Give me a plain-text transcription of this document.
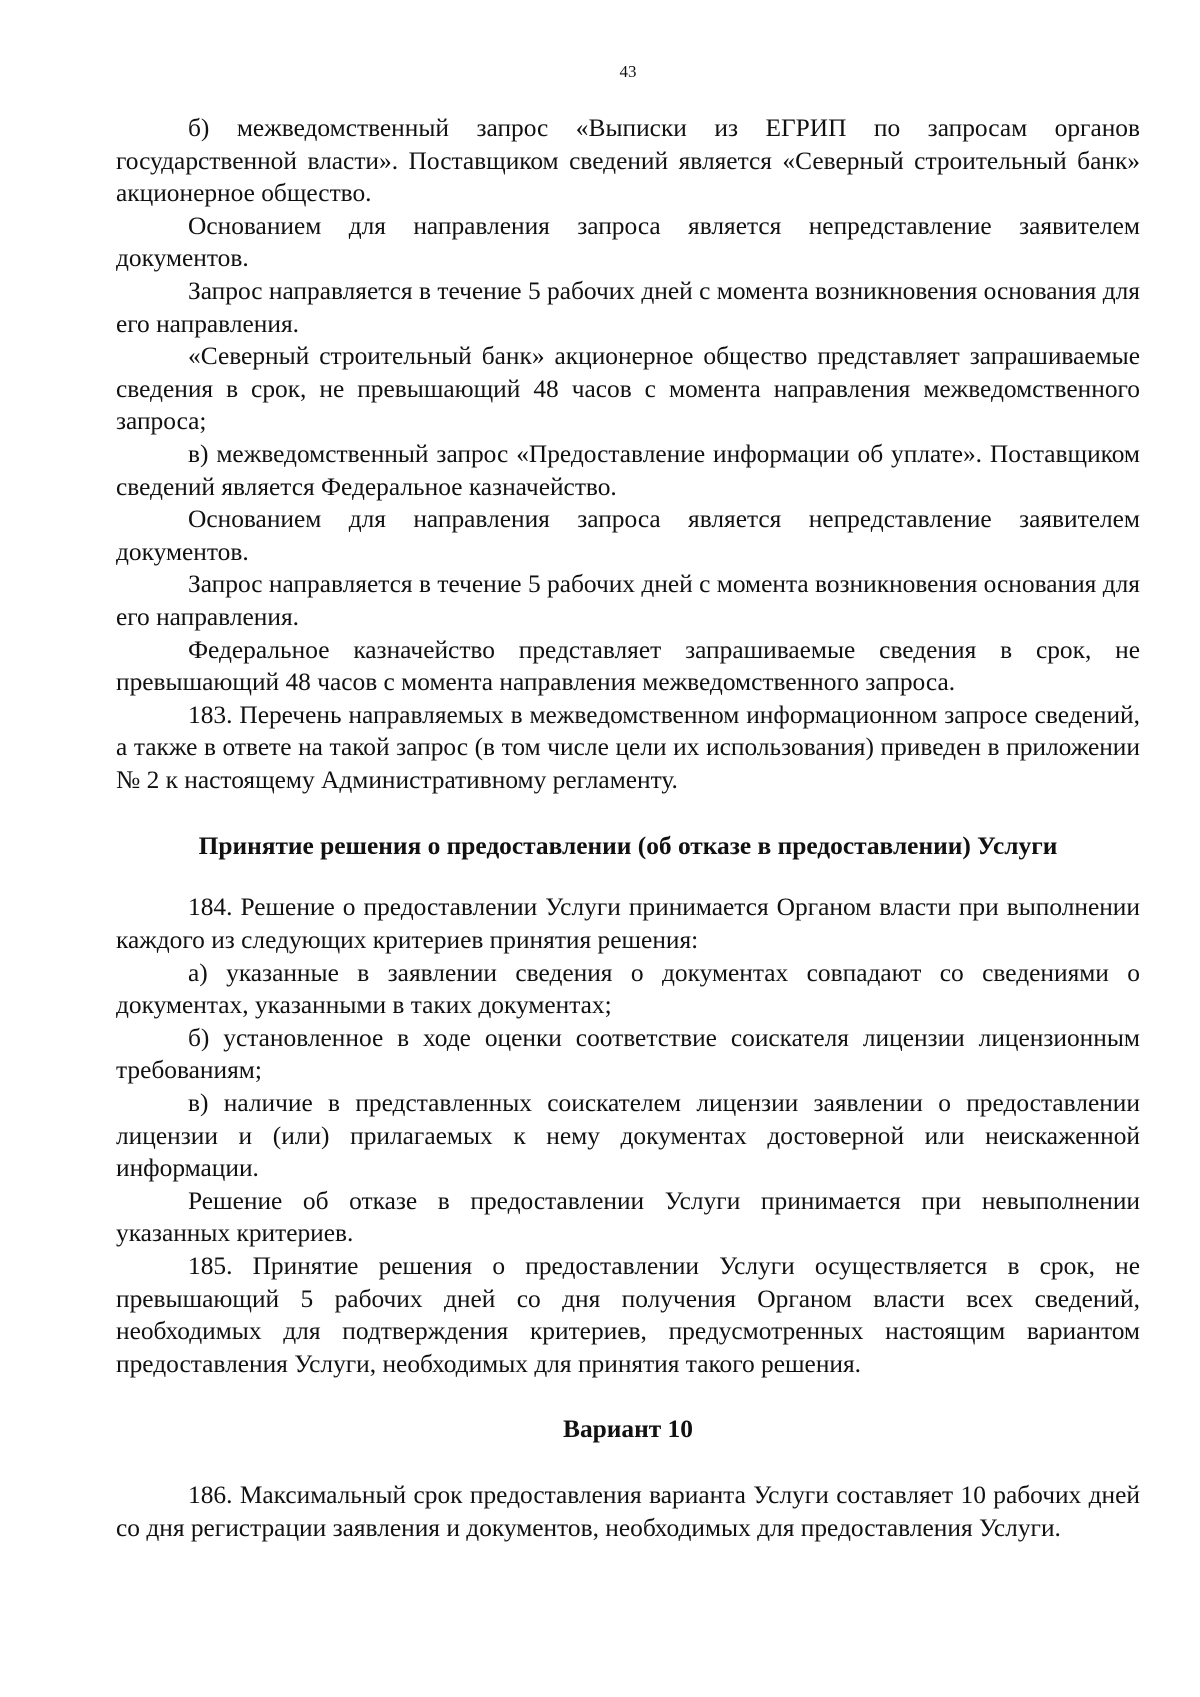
43

б) межведомственный запрос «Выписки из ЕГРИП по запросам органов государственной власти». Поставщиком сведений является «Северный строительный банк» акционерное общество.

Основанием для направления запроса является непредставление заявителем документов.

Запрос направляется в течение 5 рабочих дней с момента возникновения основания для его направления.

«Северный строительный банк» акционерное общество представляет запрашиваемые сведения в срок, не превышающий 48 часов с момента направления межведомственного запроса;

в) межведомственный запрос «Предоставление информации об уплате». Поставщиком сведений является Федеральное казначейство.

Основанием для направления запроса является непредставление заявителем документов.

Запрос направляется в течение 5 рабочих дней с момента возникновения основания для его направления.

Федеральное казначейство представляет запрашиваемые сведения в срок, не превышающий 48 часов с момента направления межведомственного запроса.

183. Перечень направляемых в межведомственном информационном запросе сведений, а также в ответе на такой запрос (в том числе цели их использования) приведен в приложении № 2 к настоящему Административному регламенту.

Принятие решения о предоставлении (об отказе в предоставлении) Услуги

184. Решение о предоставлении Услуги принимается Органом власти при выполнении каждого из следующих критериев принятия решения:

а) указанные в заявлении сведения о документах совпадают со сведениями о документах, указанными в таких документах;

б) установленное в ходе оценки соответствие соискателя лицензии лицензионным требованиям;

в) наличие в представленных соискателем лицензии заявлении о предоставлении лицензии и (или) прилагаемых к нему документах достоверной или неискаженной информации.

Решение об отказе в предоставлении Услуги принимается при невыполнении указанных критериев.

185. Принятие решения о предоставлении Услуги осуществляется в срок, не превышающий 5 рабочих дней со дня получения Органом власти всех сведений, необходимых для подтверждения критериев, предусмотренных настоящим вариантом предоставления Услуги, необходимых для принятия такого решения.

Вариант 10

186. Максимальный срок предоставления варианта Услуги составляет 10 рабочих дней со дня регистрации заявления и документов, необходимых для предоставления Услуги.
